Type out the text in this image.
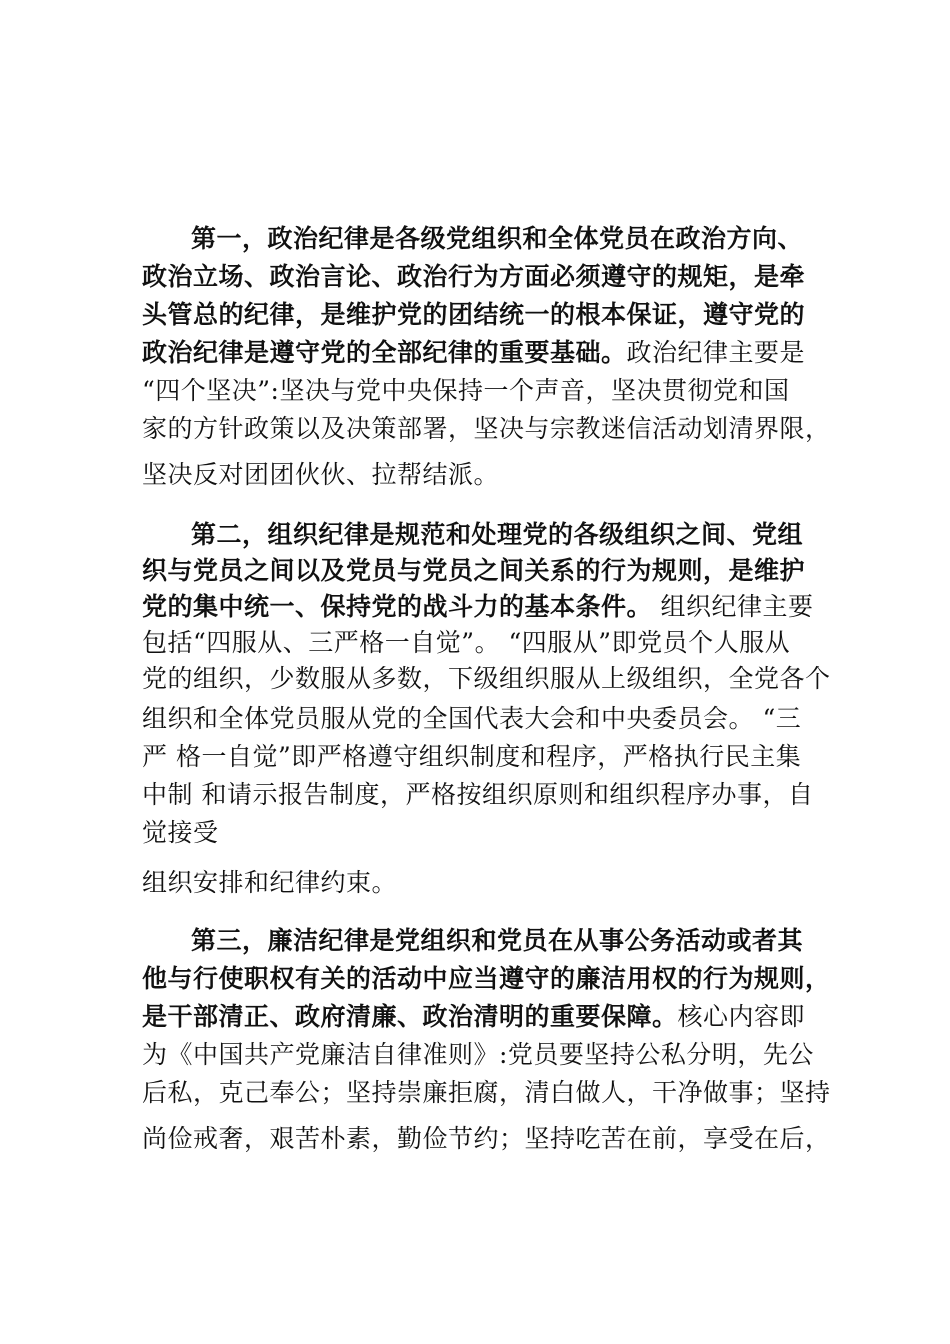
第一，政治纪律是各级党组织和全体党员在政治方向、
政治立场、政治言论、政治行为方面必须遵守的规矩，是牵
头管总的纪律，是维护党的团结统一的根本保证，遵守党的
政治纪律是遵守党的全部纪律的重要基础。政治纪律主要是
“四个坚决”:坚决与党中央保持一个声音，坚决贯彻党和国
家的方针政策以及决策部署，坚决与宗教迷信活动划清界限，
坚决反对团团伙伙、拉帮结派。
第二，组织纪律是规范和处理党的各级组织之间、党组
织与党员之间以及党员与党员之间关系的行为规则，是维护
党的集中统一、保持党的战斗力的基本条件。 组织纪律主要
包括“四服从、三严格一自觉”。 “四服从”即党员个人服从
党的组织，少数服从多数，下级组织服从上级组织，全党各个
组织和全体党员服从党的全国代表大会和中央委员会。 “三
严 格一自觉”即严格遵守组织制度和程序，严格执行民主集
中制 和请示报告制度，严格按组织原则和组织程序办事，自
觉接受
组织安排和纪律约束。
第三，廉洁纪律是党组织和党员在从事公务活动或者其
他与行使职权有关的活动中应当遵守的廉洁用权的行为规则，
是干部清正、政府清廉、政治清明的重要保障。核心内容即
为《中国共产党廉洁自律准则》:党员要坚持公私分明，先公
后私，克己奉公；坚持崇廉拒腐，清白做人，干净做事；坚持
尚俭戒奢，艰苦朴素，勤俭节约；坚持吃苦在前，享受在后，
